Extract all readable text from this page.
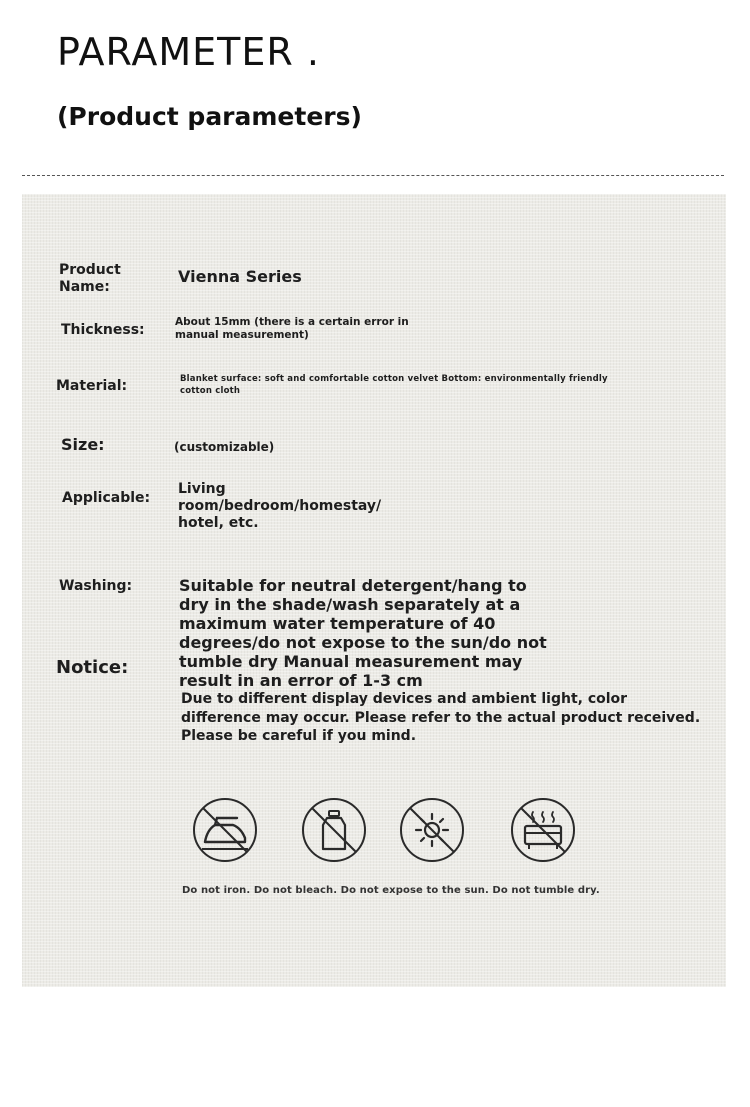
PARAMETER .
(Product parameters)
Product Name:
Vienna Series
Thickness:	About 15mm (there is a certain error in manual measurement)
Material:	Blanket surface: soft and comfortable cotton velvet Bottom: environmentally friendly cotton cloth
Size:	(customizable)
Applicable:
Living room/bedroom/homestay/ hotel, etc.
Washing:	Suitable for neutral detergent/hang to dry in the shade/wash separately at a maximum water temperature of 40 degrees/do not expose to the sun/do not tumble dry Manual measurement may result in an error of 1-3 cm
Notice:
Due to different display devices and ambient light, color difference may occur. Please refer to the actual product received. Please be careful if you mind.
Do not iron. Do not bleach. Do not expose to the sun. Do not tumble dry.
